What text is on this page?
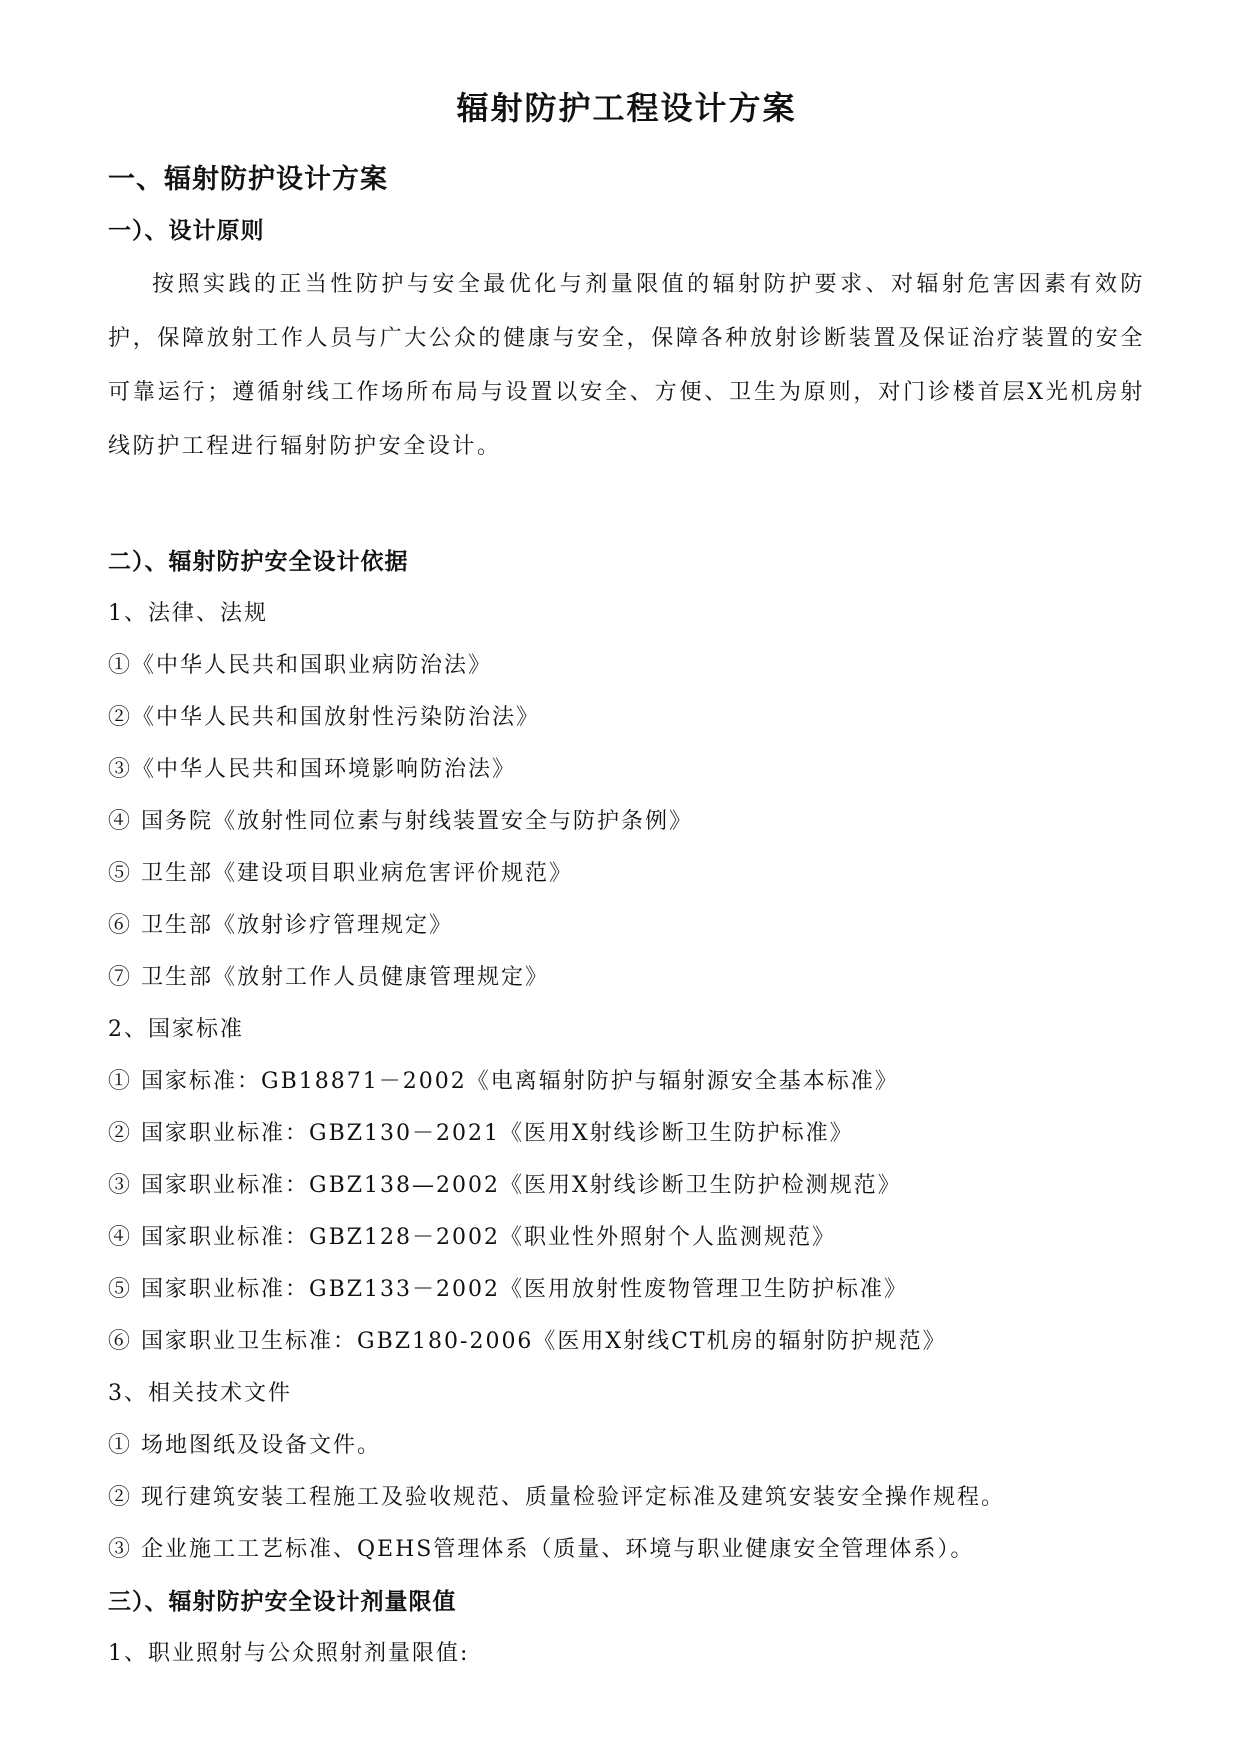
辐射防护工程设计方案
一、辐射防护设计方案
一）、设计原则

按照实践的正当性防护与安全最优化与剂量限值的辐射防护要求、对辐射危害因素有效防护，保障放射工作人员与广大公众的健康与安全，保障各种放射诊断装置及保证治疗装置的安全可靠运行；遵循射线工作场所布局与设置以安全、方便、卫生为原则，对门诊楼首层X光机房射线防护工程进行辐射防护安全设计。

二）、辐射防护安全设计依据

1、法律、法规

①《中华人民共和国职业病防治法》

②《中华人民共和国放射性污染防治法》

③《中华人民共和国环境影响防治法》

④ 国务院《放射性同位素与射线装置安全与防护条例》

⑤ 卫生部《建设项目职业病危害评价规范》

⑥ 卫生部《放射诊疗管理规定》

⑦ 卫生部《放射工作人员健康管理规定》

2、国家标准

① 国家标准：GB18871－2002《电离辐射防护与辐射源安全基本标准》

② 国家职业标准：GBZ130－2021《医用X射线诊断卫生防护标准》

③ 国家职业标准：GBZ138—2002《医用X射线诊断卫生防护检测规范》

④ 国家职业标准：GBZ128－2002《职业性外照射个人监测规范》

⑤ 国家职业标准：GBZ133－2002《医用放射性废物管理卫生防护标准》

⑥ 国家职业卫生标准：GBZ180-2006《医用X射线CT机房的辐射防护规范》

3、相关技术文件

① 场地图纸及设备文件。

② 现行建筑安装工程施工及验收规范、质量检验评定标准及建筑安装安全操作规程。

③ 企业施工工艺标准、QEHS管理体系（质量、环境与职业健康安全管理体系）。

三）、辐射防护安全设计剂量限值

1、职业照射与公众照射剂量限值:
